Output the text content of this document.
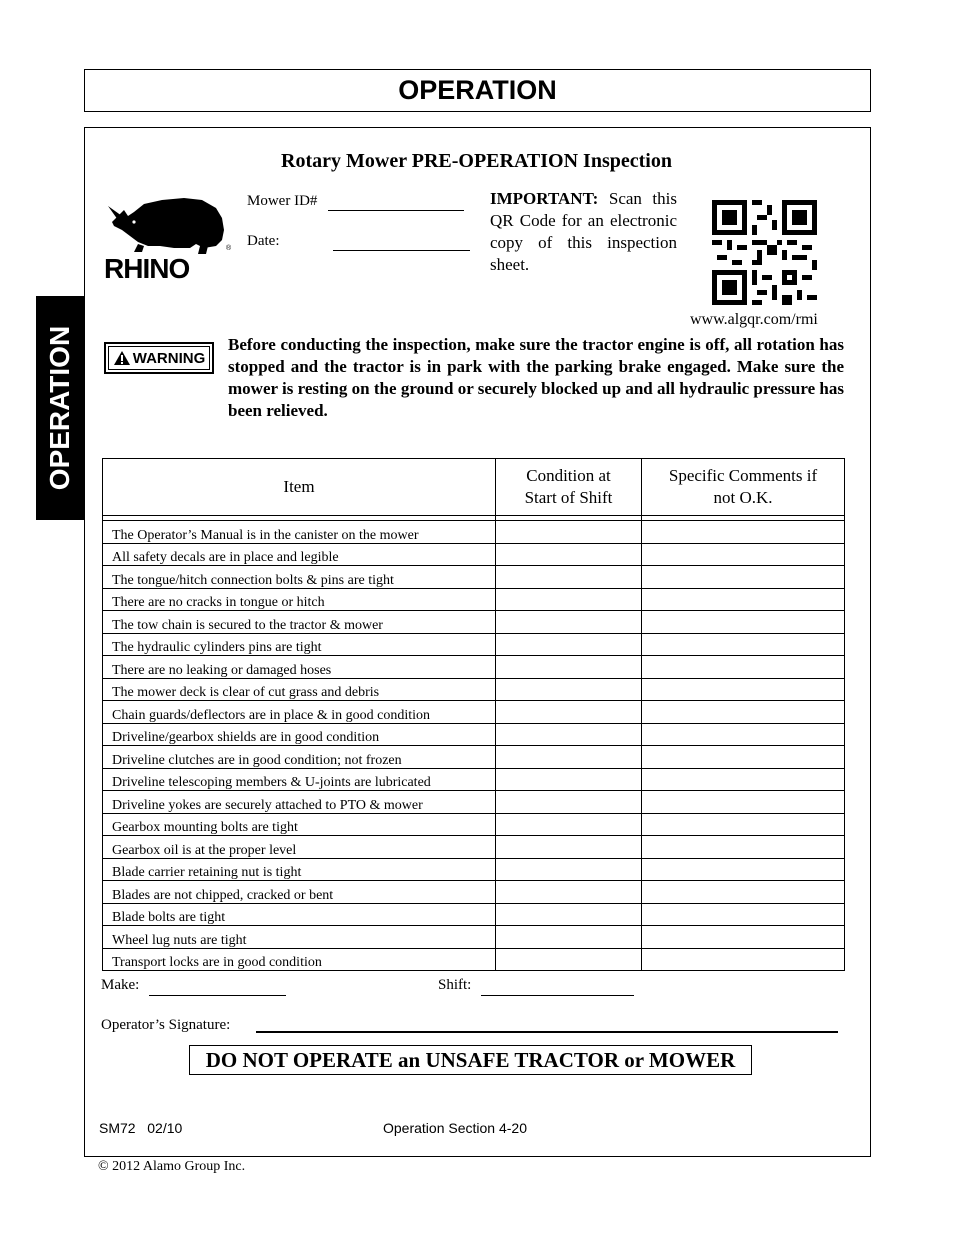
OPERATION
OPERATION
Rotary Mower PRE-OPERATION Inspection
®
RHINO
Mower ID#
Date:
IMPORTANT: Scan this QR Code for an electronic copy of this inspection sheet.
www.algqr.com/rmi
WARNING
Before conducting the inspection, make sure the tractor engine is off, all rotation has stopped and the tractor is in park with the parking brake engaged. Make sure the mower is resting on the ground or securely blocked up and all hydraulic pressure has been relieved.
Item	Condition at Start of Shift	Specific Comments if not O.K.

The Operator’s Manual is in the canister on the mower		
All safety decals are in place and legible		
The tongue/hitch connection bolts & pins are tight		
There are no cracks in tongue or hitch		
The tow chain is secured to the tractor & mower		
The hydraulic cylinders pins are tight		
There are no leaking or damaged hoses		
The mower deck is clear of cut grass and debris		
Chain guards/deflectors are in place & in good condition		
Driveline/gearbox shields are in good condition		
Driveline clutches are in good condition; not frozen		
Driveline telescoping members & U-joints are lubricated		
Driveline yokes are securely attached to PTO & mower		
Gearbox mounting bolts are tight		
Gearbox oil is at the proper level		
Blade carrier retaining nut is tight		
Blades are not chipped, cracked or bent		
Blade bolts are tight		
Wheel lug nuts are tight		
Transport locks are in good condition		
Make:	Shift:
Operator’s Signature:
DO NOT OPERATE an UNSAFE TRACTOR or MOWER
SM72   02/10	Operation Section 4-20
© 2012 Alamo Group Inc.
